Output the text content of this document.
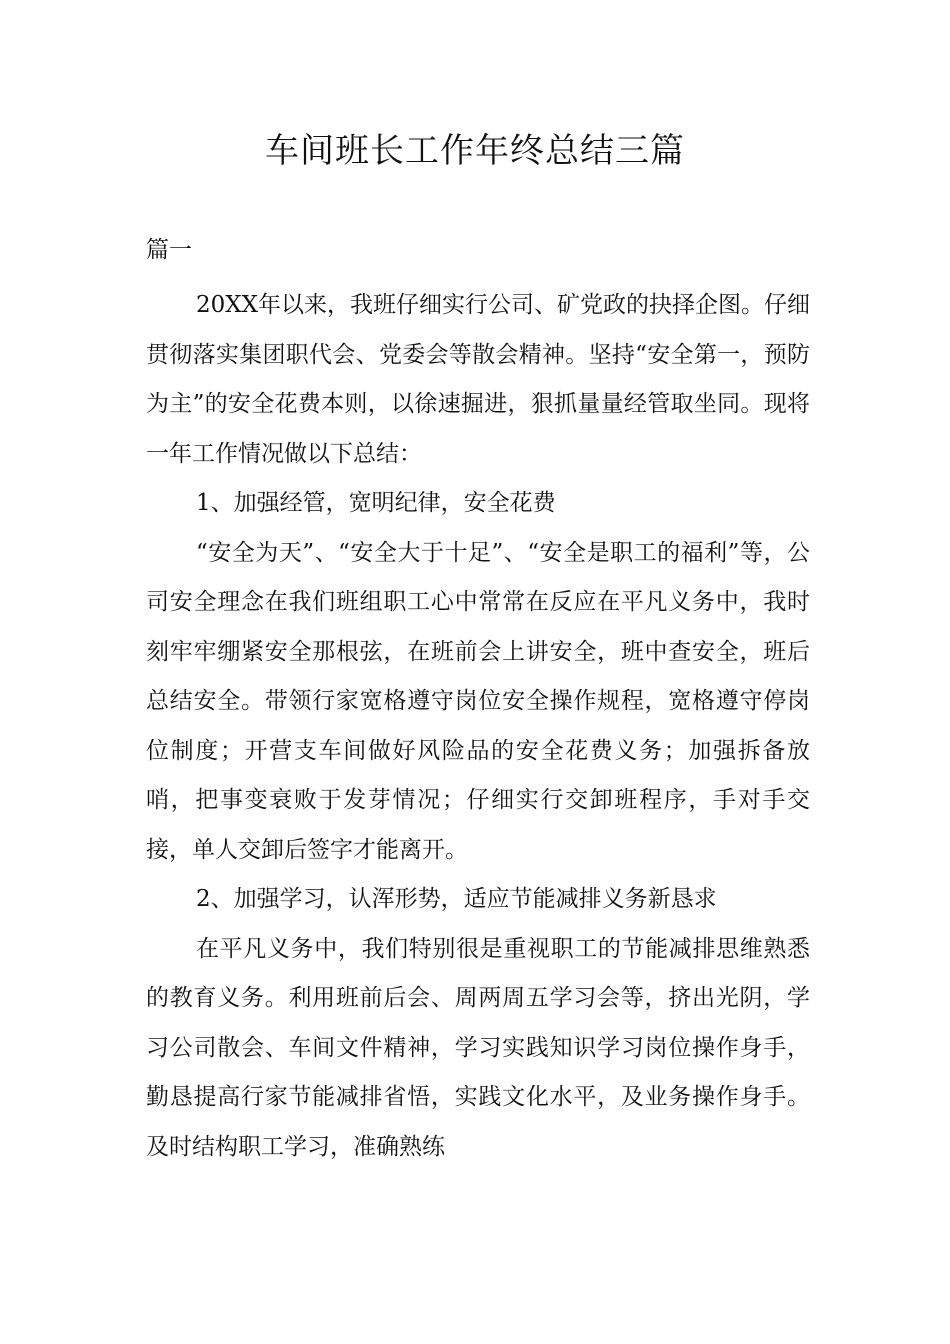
车间班长工作年终总结三篇

篇一

20XX年以来，我班仔细实行公司、矿党政的抉择企图。仔细贯彻落实集团职代会、党委会等散会精神。坚持“安全第一，预防为主”的安全花费本则，以徐速掘进，狠抓量量经管取坐同。现将一年工作情况做以下总结：

1、加强经管，宽明纪律，安全花费

“安全为天”、“安全大于十足”、“安全是职工的福利”等，公司安全理念在我们班组职工心中常常在反应在平凡义务中，我时刻牢牢绷紧安全那根弦，在班前会上讲安全，班中查安全，班后总结安全。带领行家宽格遵守岗位安全操作规程，宽格遵守停岗位制度；开营支车间做好风险品的安全花费义务；加强拆备放哨，把事变衰败于发芽情况；仔细实行交卸班程序，手对手交接，单人交卸后签字才能离开。

2、加强学习，认浑形势，适应节能减排义务新恳求

在平凡义务中，我们特别很是重视职工的节能减排思维熟悉的教育义务。利用班前后会、周两周五学习会等，挤出光阴，学习公司散会、车间文件精神，学习实践知识学习岗位操作身手，勤恳提高行家节能减排省悟，实践文化水平，及业务操作身手。及时结构职工学习，准确熟练
